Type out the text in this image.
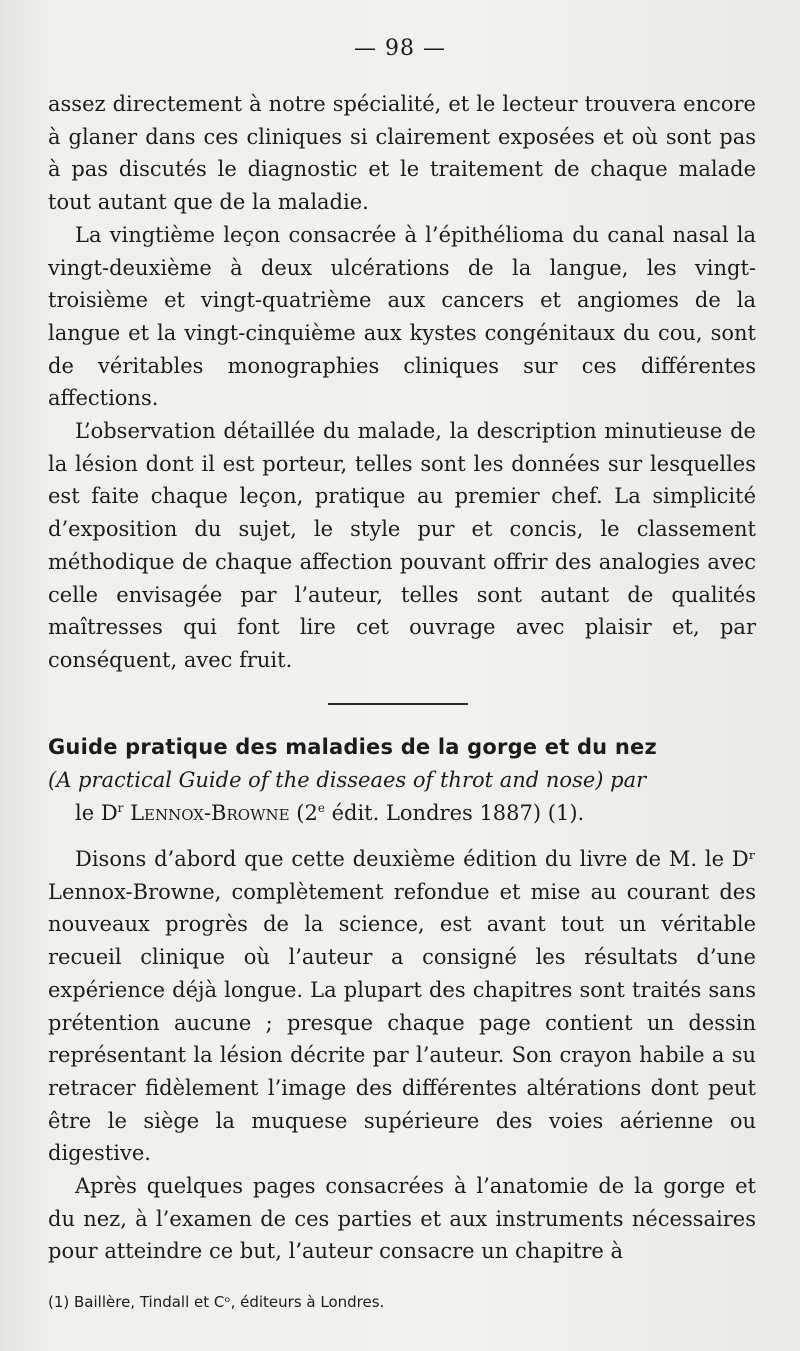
— 98 —

assez directement à notre spécialité, et le lecteur trouvera encore à glaner dans ces cliniques si clairement exposées et où sont pas à pas discutés le diagnostic et le traitement de chaque malade tout autant que de la maladie.

La vingtième leçon consacrée à l’épithélioma du canal nasal la vingt-deuxième à deux ulcérations de la langue, les vingt-troisième et vingt-quatrième aux cancers et angiomes de la langue et la vingt-cinquième aux kystes congénitaux du cou, sont de véritables monographies cliniques sur ces différentes affections.

L’observation détaillée du malade, la description minutieuse de la lésion dont il est porteur, telles sont les données sur lesquelles est faite chaque leçon, pratique au premier chef. La simplicité d’exposition du sujet, le style pur et concis, le classement méthodique de chaque affection pouvant offrir des analogies avec celle envisagée par l’auteur, telles sont autant de qualités maîtresses qui font lire cet ouvrage avec plaisir et, par conséquent, avec fruit.

Guide pratique des maladies de la gorge et du nez
(A practical Guide of the disseaes of throt and nose) par
le $D^r$ Lennox-Browne (2e édit. Londres 1887) (1).

Disons d’abord que cette deuxième édition du livre de M. le Dʳ Lennox-Browne, complètement refondue et mise au courant des nouveaux progrès de la science, est avant tout un véritable recueil clinique où l’auteur a consigné les résultats d’une expérience déjà longue. La plupart des chapitres sont traités sans prétention aucune ; presque chaque page contient un dessin représentant la lésion décrite par l’auteur. Son crayon habile a su retracer fidèlement l’image des différentes altérations dont peut être le siège la muquese supérieure des voies aérienne ou digestive.

Après quelques pages consacrées à l’anatomie de la gorge et du nez, à l’examen de ces parties et aux instruments nécessaires pour atteindre ce but, l’auteur consacre un chapitre à

(1) Baillère, Tindall et Cᵒ, éditeurs à Londres.
